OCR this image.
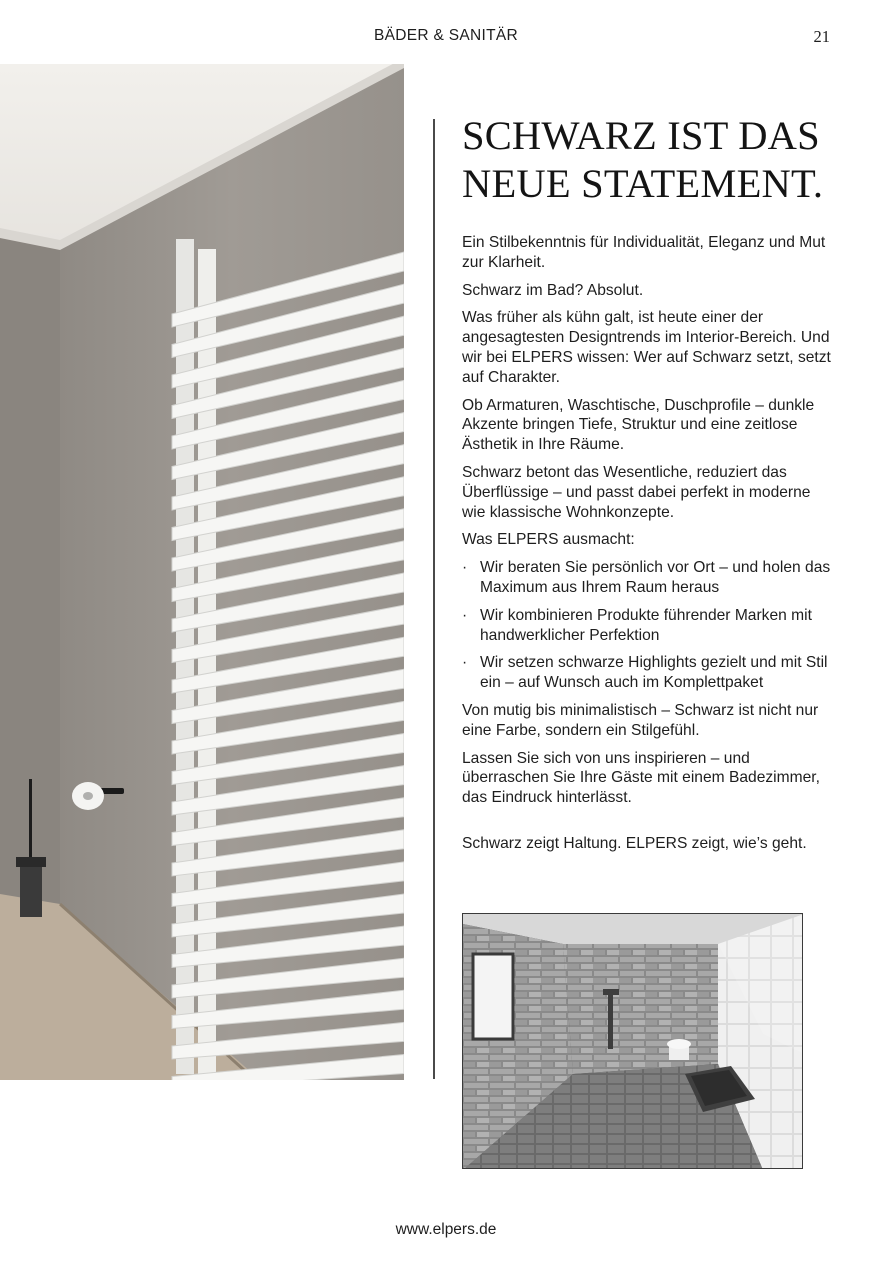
BÄDER & SANITÄR	21
SCHWARZ IST DAS
NEUE STATEMENT.

Ein Stilbekenntnis für Individualität, Eleganz und Mut zur Klarheit.

Schwarz im Bad? Absolut.

Was früher als kühn galt, ist heute einer der angesagtesten Designtrends im Interior-Bereich. Und wir bei ELPERS wissen: Wer auf Schwarz setzt, setzt auf Charakter.

Ob Armaturen, Waschtische, Duschprofile – dunkle Akzente bringen Tiefe, Struktur und eine zeitlose Ästhetik in Ihre Räume.

Schwarz betont das Wesentliche, reduziert das Überflüssige – und passt dabei perfekt in moderne wie klassische Wohnkonzepte.

Was ELPERS ausmacht:

· Wir beraten Sie persönlich vor Ort – und holen das Maximum aus Ihrem Raum heraus
· Wir kombinieren Produkte führender Marken mit handwerklicher Perfektion
· Wir setzen schwarze Highlights gezielt und mit Stil ein – auf Wunsch auch im Komplettpaket

Von mutig bis minimalistisch – Schwarz ist nicht nur eine Farbe, sondern ein Stilgefühl.

Lassen Sie sich von uns inspirieren – und überraschen Sie Ihre Gäste mit einem Badezimmer, das Eindruck hinterlässt.

Schwarz zeigt Haltung. ELPERS zeigt, wie’s geht.

www.elpers.de
